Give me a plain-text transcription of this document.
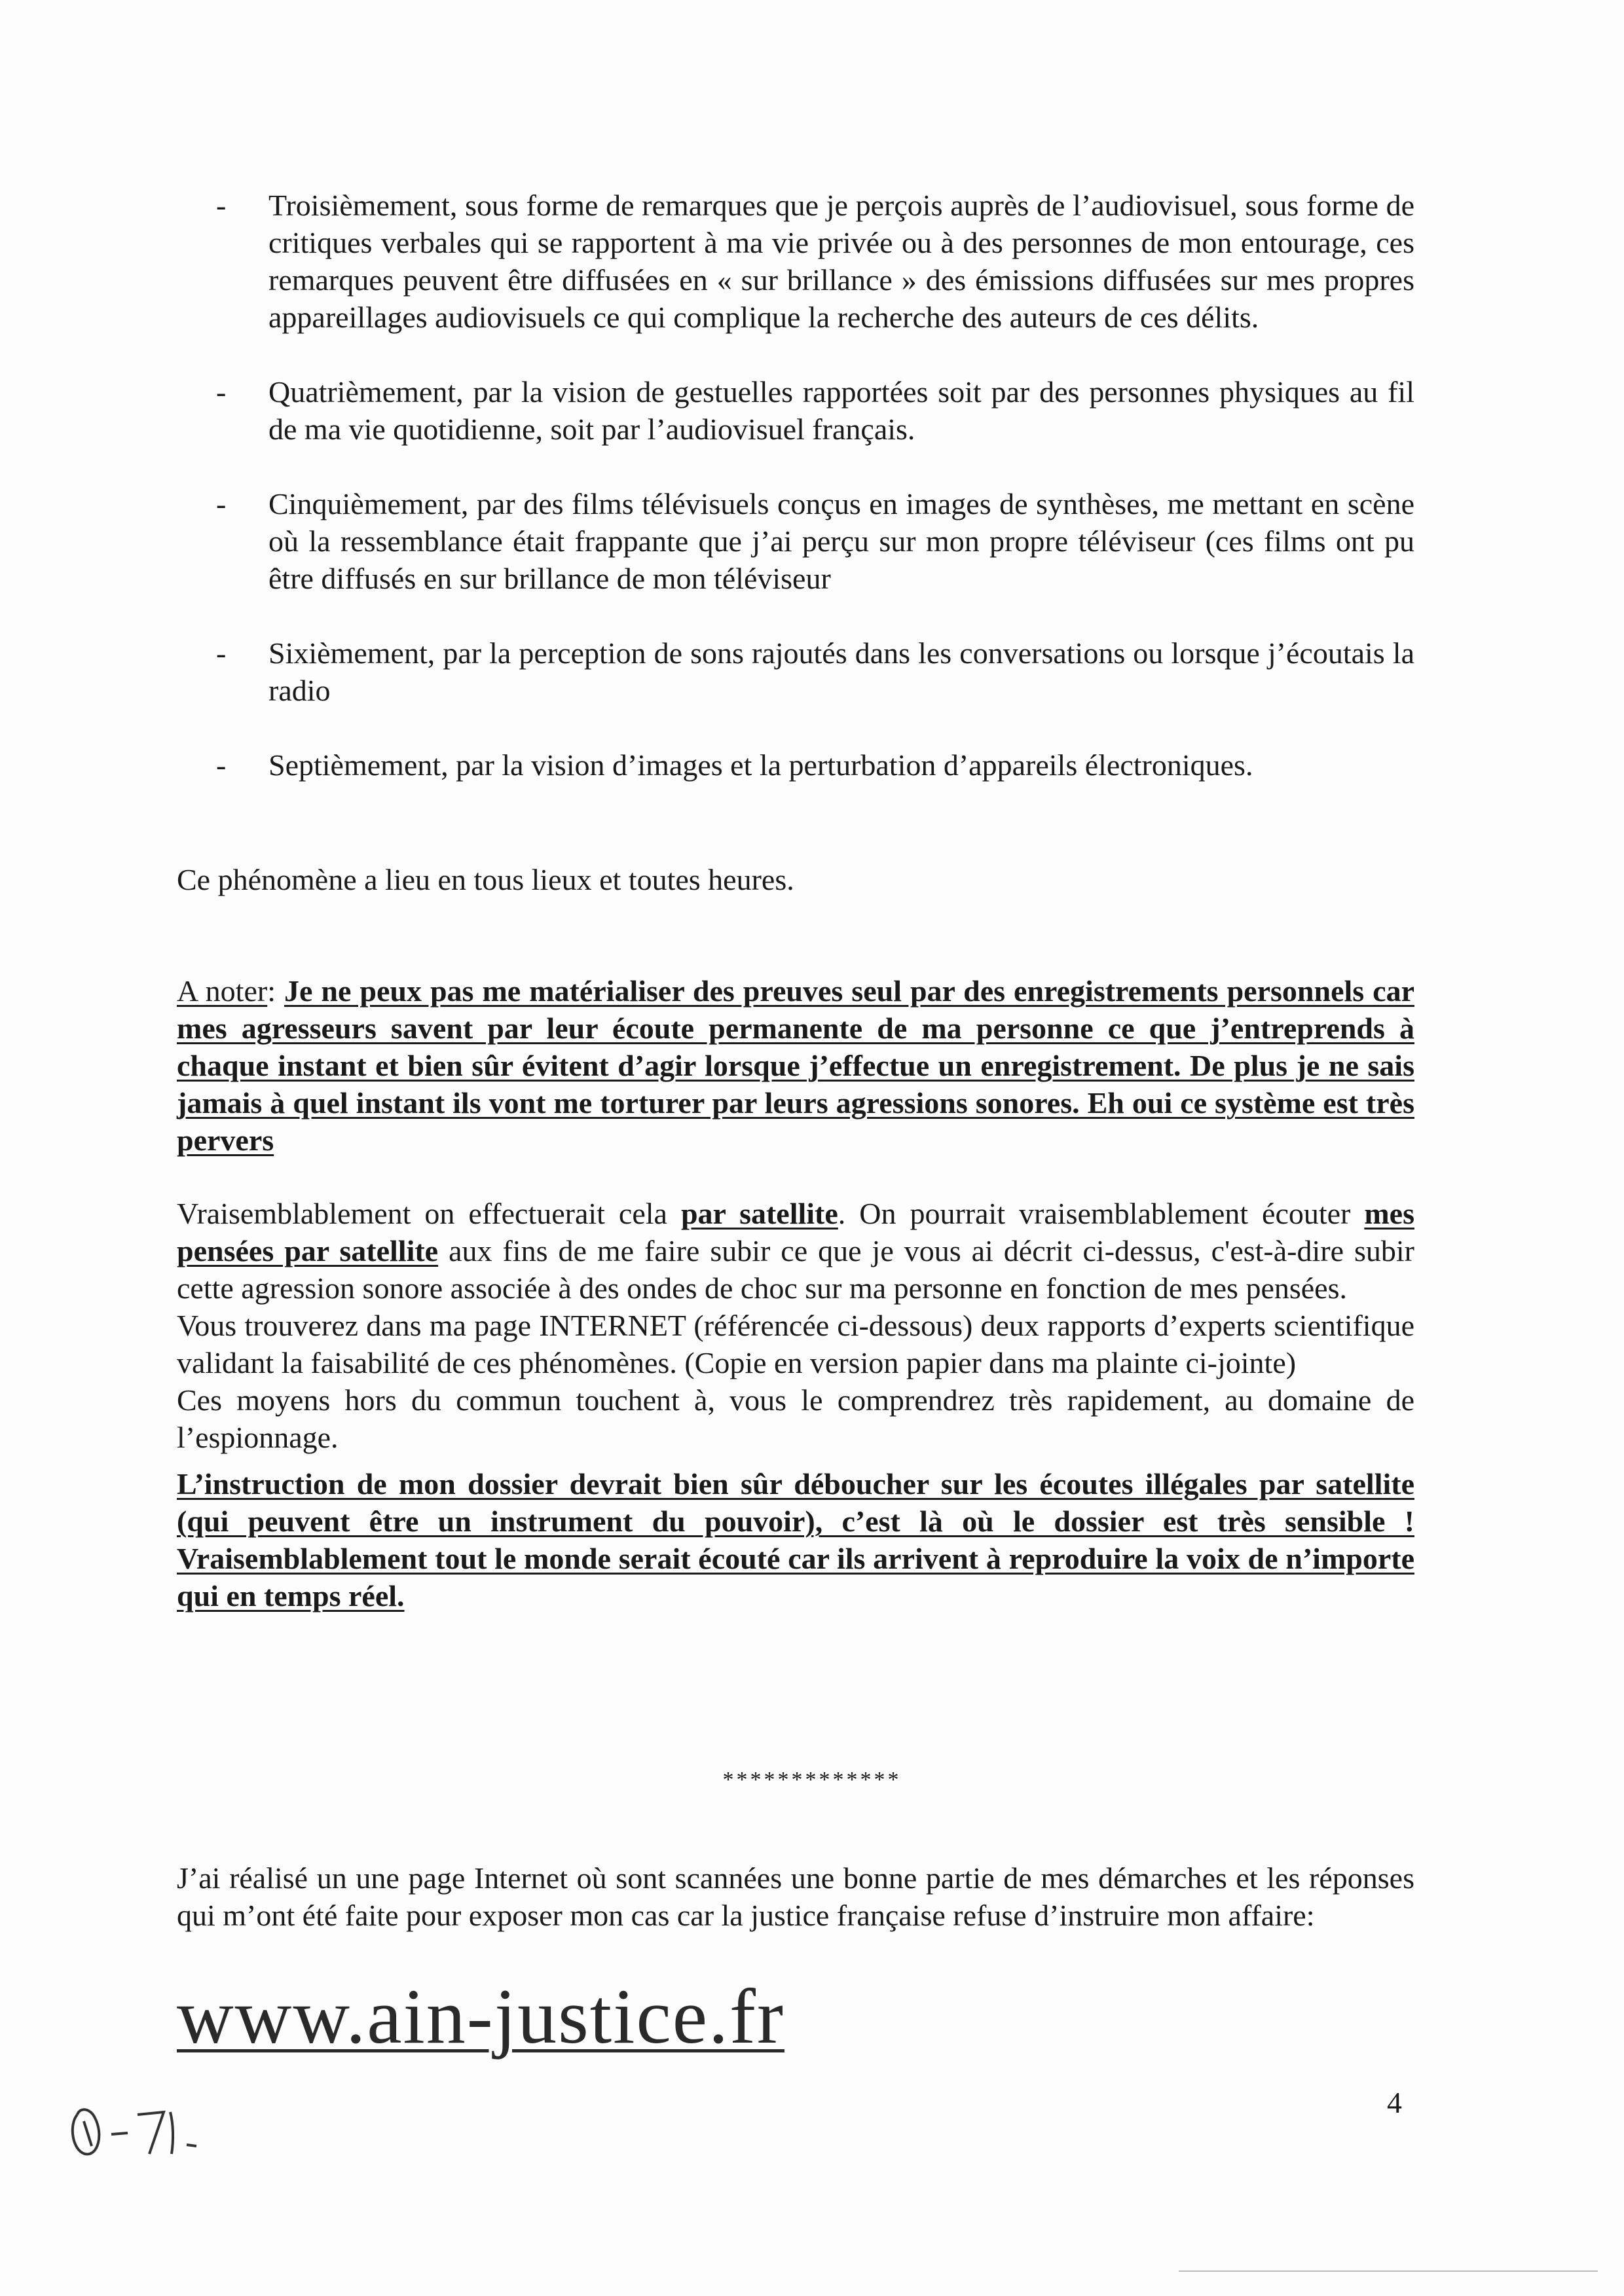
- Troisièmement, sous forme de remarques que je perçois auprès de l’audiovisuel, sous forme de critiques verbales qui se rapportent à ma vie privée ou à des personnes de mon entourage, ces remarques peuvent être diffusées en « sur brillance » des émissions diffusées sur mes propres appareillages audiovisuels ce qui complique la recherche des auteurs de ces délits.

- Quatrièmement, par la vision de gestuelles rapportées soit par des personnes physiques au fil de ma vie quotidienne, soit par l’audiovisuel français.

- Cinquièmement, par des films télévisuels conçus en images de synthèses, me mettant en scène où la ressemblance était frappante que j’ai perçu sur mon propre téléviseur (ces films ont pu être diffusés en sur brillance de mon téléviseur

- Sixièmement, par la perception de sons rajoutés dans les conversations ou lorsque j’écoutais la radio

- Septièmement, par la vision d’images et la perturbation d’appareils électroniques.

Ce phénomène a lieu en tous lieux et toutes heures.

A noter: Je ne peux pas me matérialiser des preuves seul par des enregistrements personnels car mes agresseurs savent par leur écoute permanente de ma personne ce que j’entreprends à chaque instant et bien sûr évitent d’agir lorsque j’effectue un enregistrement. De plus je ne sais jamais à quel instant ils vont me torturer par leurs agressions sonores. Eh oui ce système est très pervers

Vraisemblablement on effectuerait cela par satellite. On pourrait vraisemblablement écouter mes pensées par satellite aux fins de me faire subir ce que je vous ai décrit ci-dessus, c'est-à-dire subir cette agression sonore associée à des ondes de choc sur ma personne en fonction de mes pensées.

Vous trouverez dans ma page INTERNET (référencée ci-dessous) deux rapports d’experts scientifique validant la faisabilité de ces phénomènes. (Copie en version papier dans ma plainte ci-jointe)

Ces moyens hors du commun touchent à, vous le comprendrez très rapidement, au domaine de l’espionnage.

L’instruction de mon dossier devrait bien sûr déboucher sur les écoutes illégales par satellite (qui peuvent être un instrument du pouvoir), c’est là où le dossier est très sensible ! Vraisemblablement tout le monde serait écouté car ils arrivent à reproduire la voix de n’importe qui en temps réel.

*************

J’ai réalisé un une page Internet où sont scannées une bonne partie de mes démarches et les réponses qui m’ont été faite pour exposer mon cas car la justice française refuse d’instruire mon affaire:

www.ain-justice.fr
4
